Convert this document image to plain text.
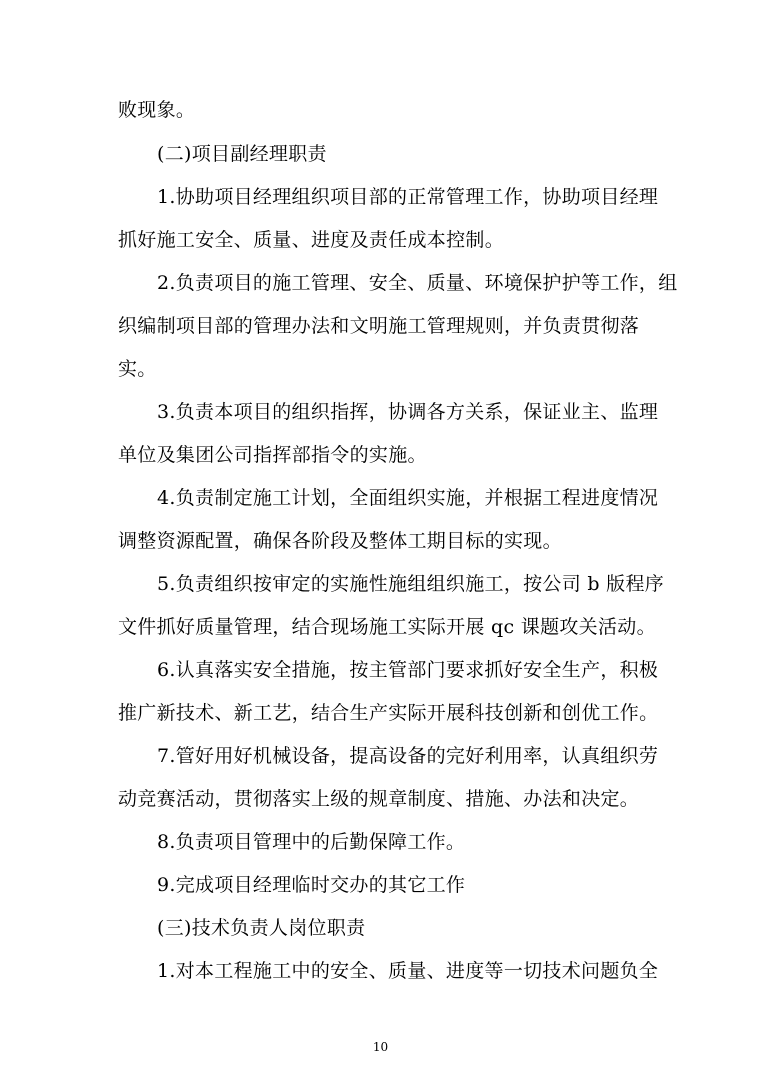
败现象。
(二)项目副经理职责
1.协助项目经理组织项目部的正常管理工作，协助项目经理
抓好施工安全、质量、进度及责任成本控制。
2.负责项目的施工管理、安全、质量、环境保护护等工作，组
织编制项目部的管理办法和文明施工管理规则，并负责贯彻落
实。
3.负责本项目的组织指挥，协调各方关系，保证业主、监理
单位及集团公司指挥部指令的实施。
4.负责制定施工计划，全面组织实施，并根据工程进度情况
调整资源配置，确保各阶段及整体工期目标的实现。
5.负责组织按审定的实施性施组组织施工，按公司 b 版程序
文件抓好质量管理，结合现场施工实际开展 qc 课题攻关活动。
6.认真落实安全措施，按主管部门要求抓好安全生产，积极
推广新技术、新工艺，结合生产实际开展科技创新和创优工作。
7.管好用好机械设备，提高设备的完好利用率，认真组织劳
动竞赛活动，贯彻落实上级的规章制度、措施、办法和决定。
8.负责项目管理中的后勤保障工作。
9.完成项目经理临时交办的其它工作
(三)技术负责人岗位职责
1.对本工程施工中的安全、质量、进度等一切技术问题负全
10
